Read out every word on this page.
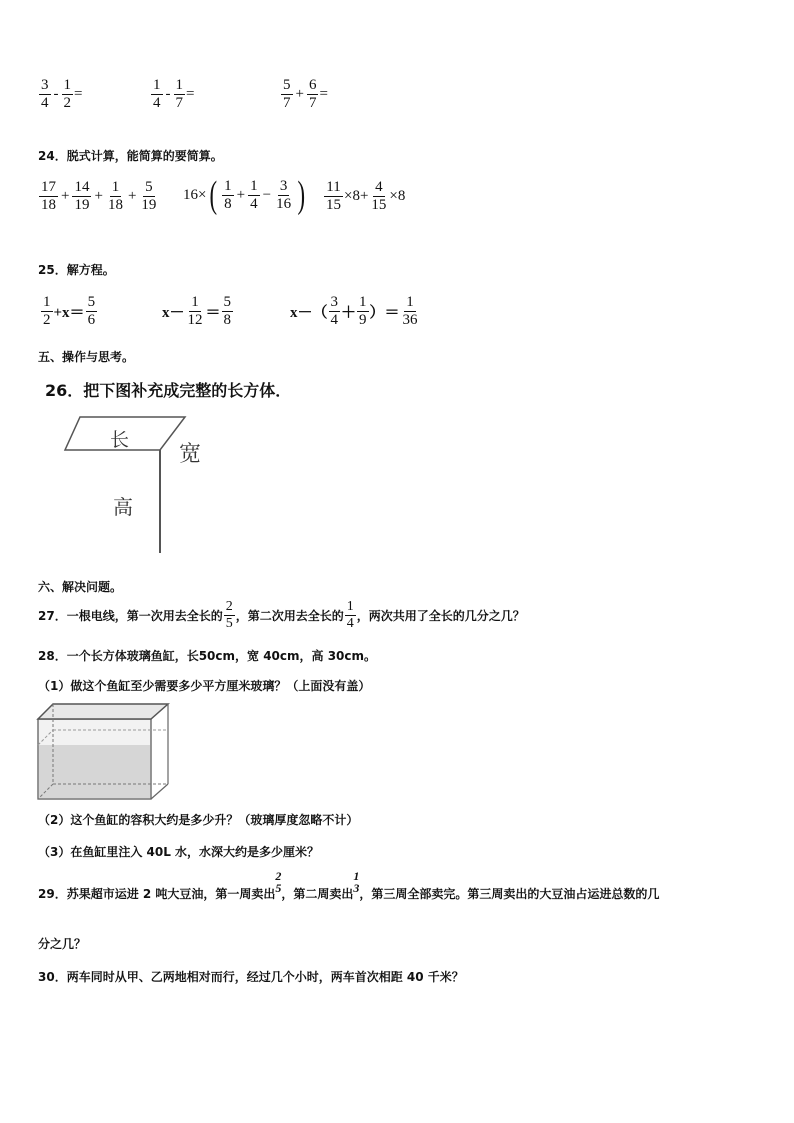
$\frac{3}{4} - \frac{1}{2}$ =	$\frac{1}{4} - \frac{1}{7}$ =	$\frac{5}{7} + \frac{6}{7}$ =
24．脱式计算，能简算的要简算。
$\frac{17}{18} + \frac{14}{19} + \frac{1}{18} + \frac{5}{19} 16\times$ ( $\frac{1}{8} + \frac{1}{4} - \frac{3}{16}$ ) $\frac{11}{15} \times 8+ \frac{4}{15} \times 8$
25．解方程。
$\frac{1}{2} +x= \frac{5}{6}$	$x- \frac{1}{12} = \frac{5}{8}$	$x-( \frac{3}{4} + \frac{1}{9}$ ）＝ $\frac{1}{36}$
五、操作与思考。
26．把下图补充成完整的长方体．
长
宽
高
六、解决问题。
27．一根电线，第一次用去全长的 $\frac{2}{5}$ ，第二次用去全长的 $\frac{1}{4}$ ，两次共用了全长的几分之几？
28．一个长方体玻璃鱼缸，长50cm，宽 40cm，高 30cm。
（1）做这个鱼缸至少需要多少平方厘米玻璃？（上面没有盖）
（2）这个鱼缸的容积大约是多少升？（玻璃厚度忽略不计）
（3）在鱼缸里注入 40L 水，水深大约是多少厘米？
29．苏果超市运进 2 吨大豆油，第一周卖出
2
5 ，第二周卖出
1
3 ，第三周全部卖完。第三周卖出的大豆油占运进总数的几
分之几？
30．两车同时从甲、乙两地相对而行，经过几个小时，两车首次相距 40 千米？
